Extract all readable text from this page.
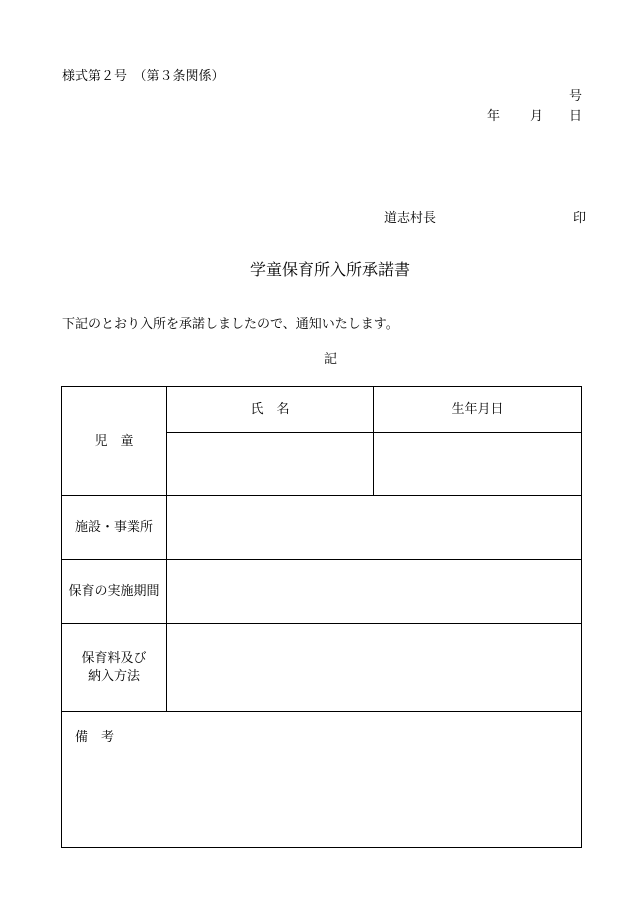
様式第２号　（第３条関係）
号
年 月 日
道志村長	印
学童保育所入所承諾書
下記のとおり入所を承諾しましたので、通知いたします。
記
児　童
氏　名	生年月日
施設・事業所
保育の実施期間
保育料及び
納入方法
備　考
